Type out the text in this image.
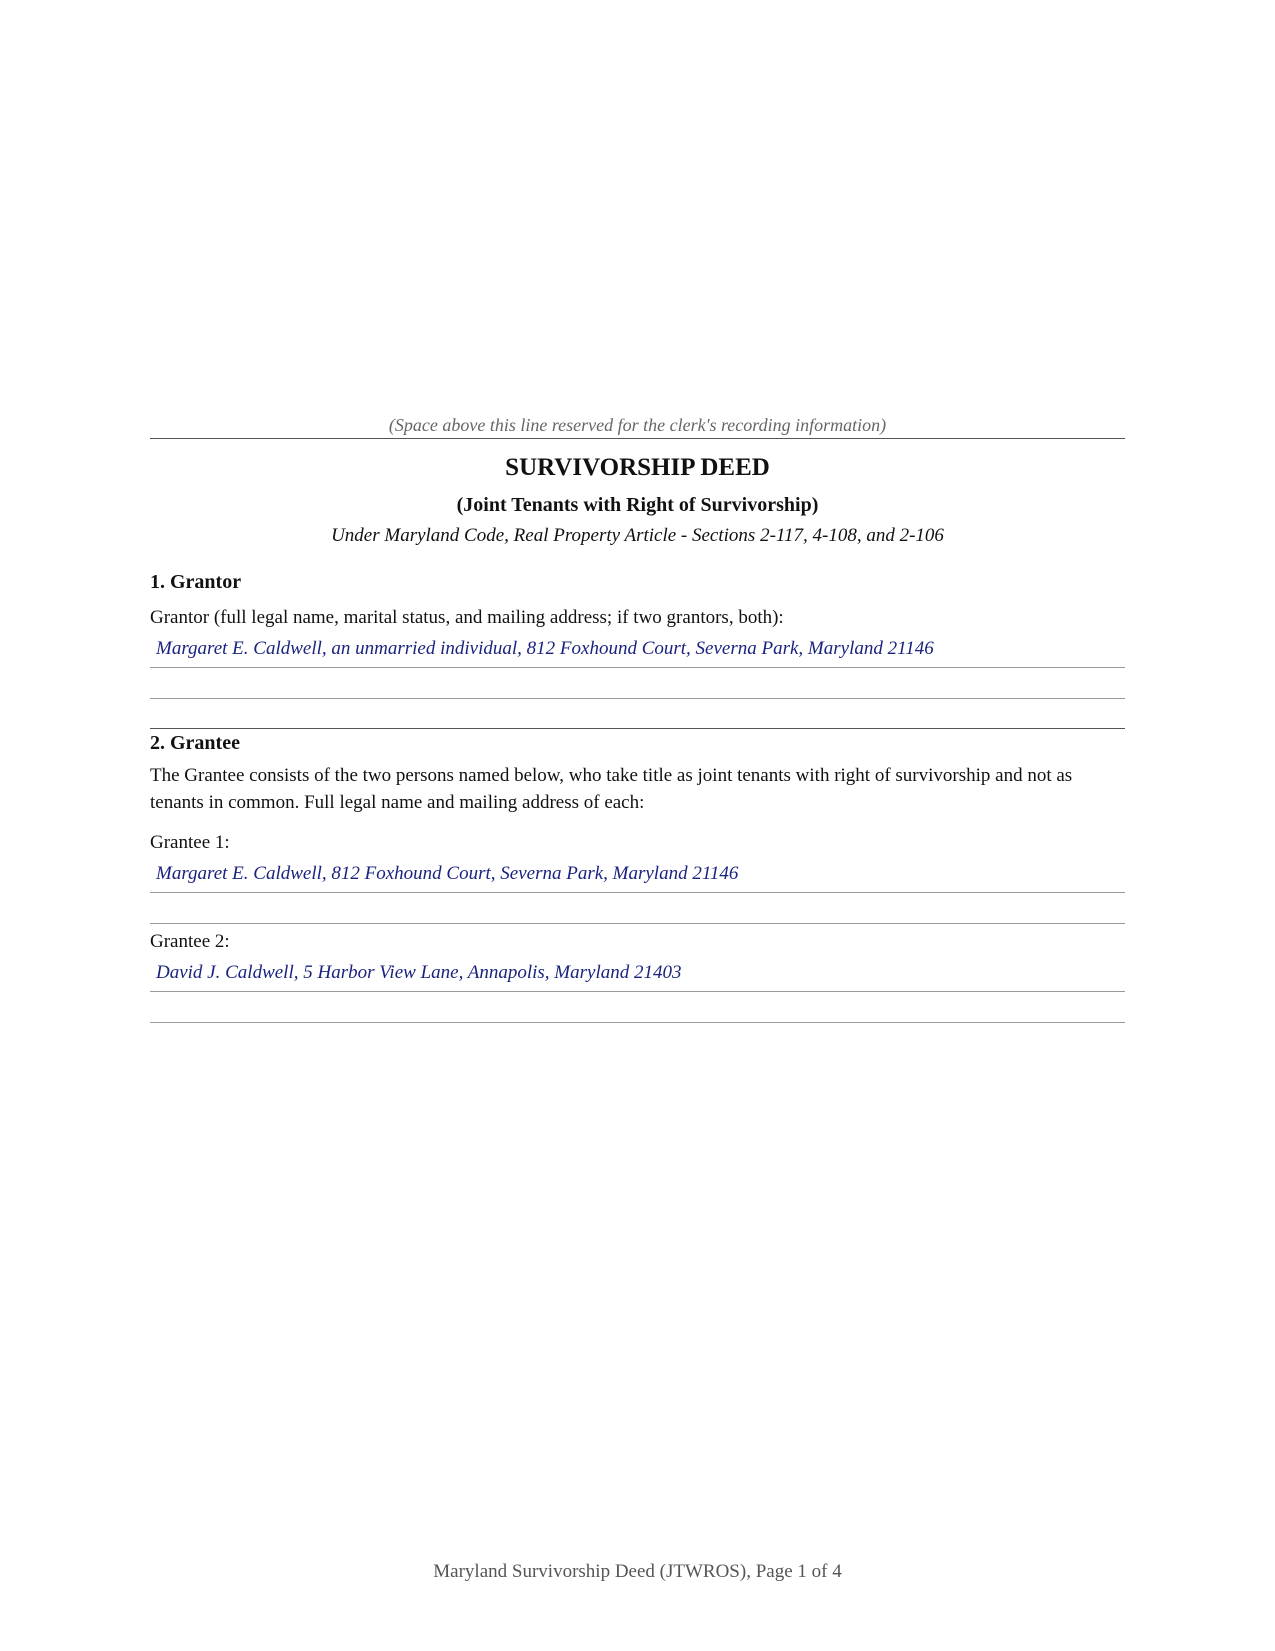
(Space above this line reserved for the clerk's recording information)

SURVIVORSHIP DEED

(Joint Tenants with Right of Survivorship)

Under Maryland Code, Real Property Article - Sections 2-117, 4-108, and 2-106

1. Grantor

Grantor (full legal name, marital status, and mailing address; if two grantors, both):

Margaret E. Caldwell, an unmarried individual, 812 Foxhound Court, Severna Park, Maryland 21146
2. Grantee

The Grantee consists of the two persons named below, who take title as joint tenants with right of survivorship and not as tenants in common. Full legal name and mailing address of each:

Grantee 1:

Margaret E. Caldwell, 812 Foxhound Court, Severna Park, Maryland 21146

Grantee 2:

David J. Caldwell, 5 Harbor View Lane, Annapolis, Maryland 21403
Maryland Survivorship Deed (JTWROS), Page 1 of 4
